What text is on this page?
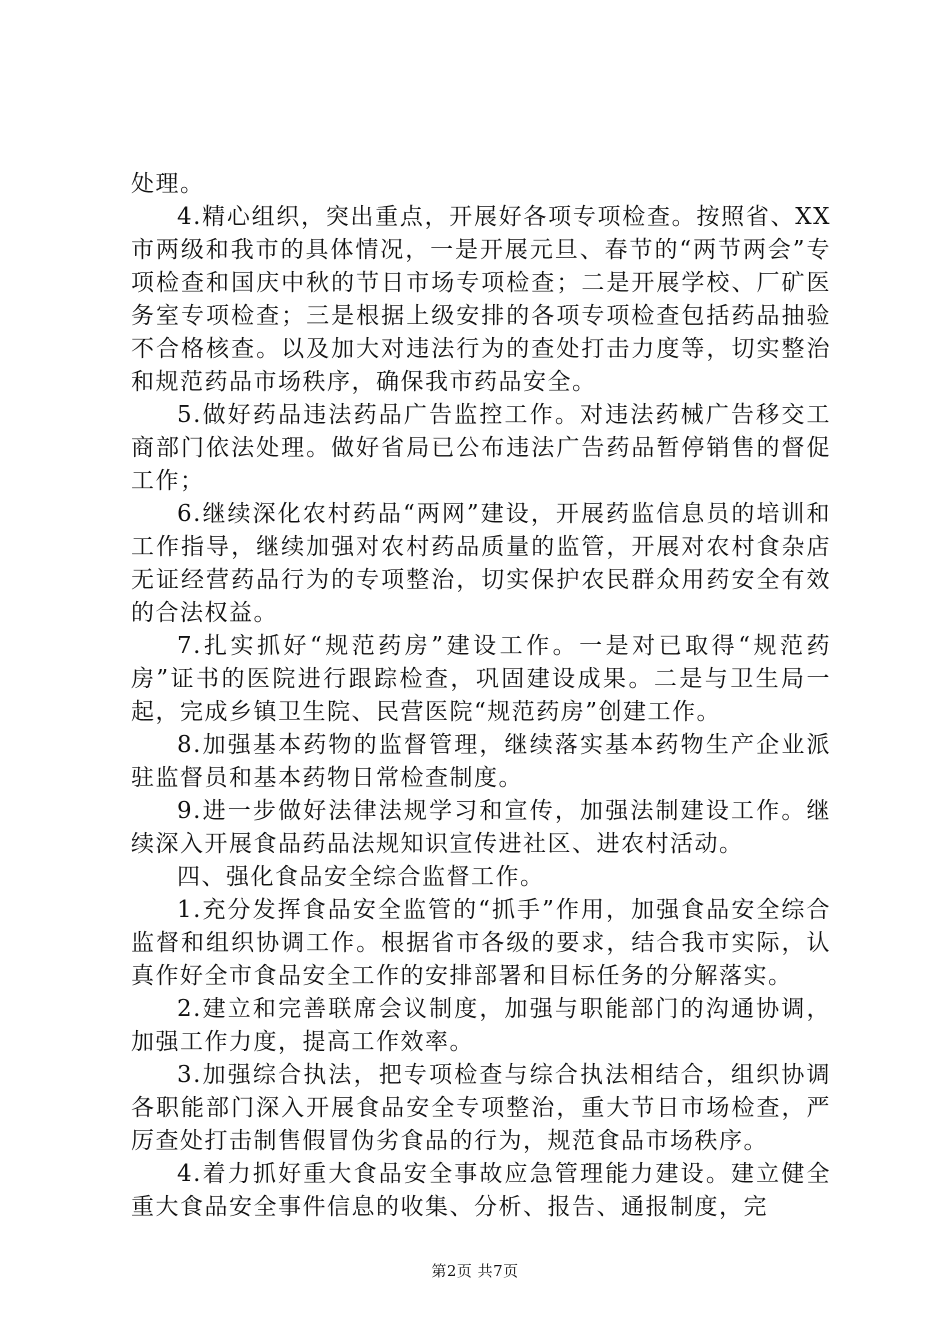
处理。

4.精心组织，突出重点，开展好各项专项检查。按照省、XX市两级和我市的具体情况，一是开展元旦、春节的“两节两会”专项检查和国庆中秋的节日市场专项检查；二是开展学校、厂矿医务室专项检查；三是根据上级安排的各项专项检查包括药品抽验不合格核查。以及加大对违法行为的查处打击力度等，切实整治和规范药品市场秩序，确保我市药品安全。

5.做好药品违法药品广告监控工作。对违法药械广告移交工商部门依法处理。做好省局已公布违法广告药品暂停销售的督促工作；

6.继续深化农村药品“两网”建设，开展药监信息员的培训和工作指导，继续加强对农村药品质量的监管，开展对农村食杂店无证经营药品行为的专项整治，切实保护农民群众用药安全有效的合法权益。

7.扎实抓好“规范药房”建设工作。一是对已取得“规范药房”证书的医院进行跟踪检查，巩固建设成果。二是与卫生局一起，完成乡镇卫生院、民营医院“规范药房”创建工作。

8.加强基本药物的监督管理，继续落实基本药物生产企业派驻监督员和基本药物日常检查制度。

9.进一步做好法律法规学习和宣传，加强法制建设工作。继续深入开展食品药品法规知识宣传进社区、进农村活动。

四、强化食品安全综合监督工作。

1.充分发挥食品安全监管的“抓手”作用，加强食品安全综合监督和组织协调工作。根据省市各级的要求，结合我市实际，认真作好全市食品安全工作的安排部署和目标任务的分解落实。

2.建立和完善联席会议制度，加强与职能部门的沟通协调，加强工作力度，提高工作效率。

3.加强综合执法，把专项检查与综合执法相结合，组织协调各职能部门深入开展食品安全专项整治，重大节日市场检查，严厉查处打击制售假冒伪劣食品的行为，规范食品市场秩序。

4.着力抓好重大食品安全事故应急管理能力建设。建立健全重大食品安全事件信息的收集、分析、报告、通报制度，完

第2页 共7页
